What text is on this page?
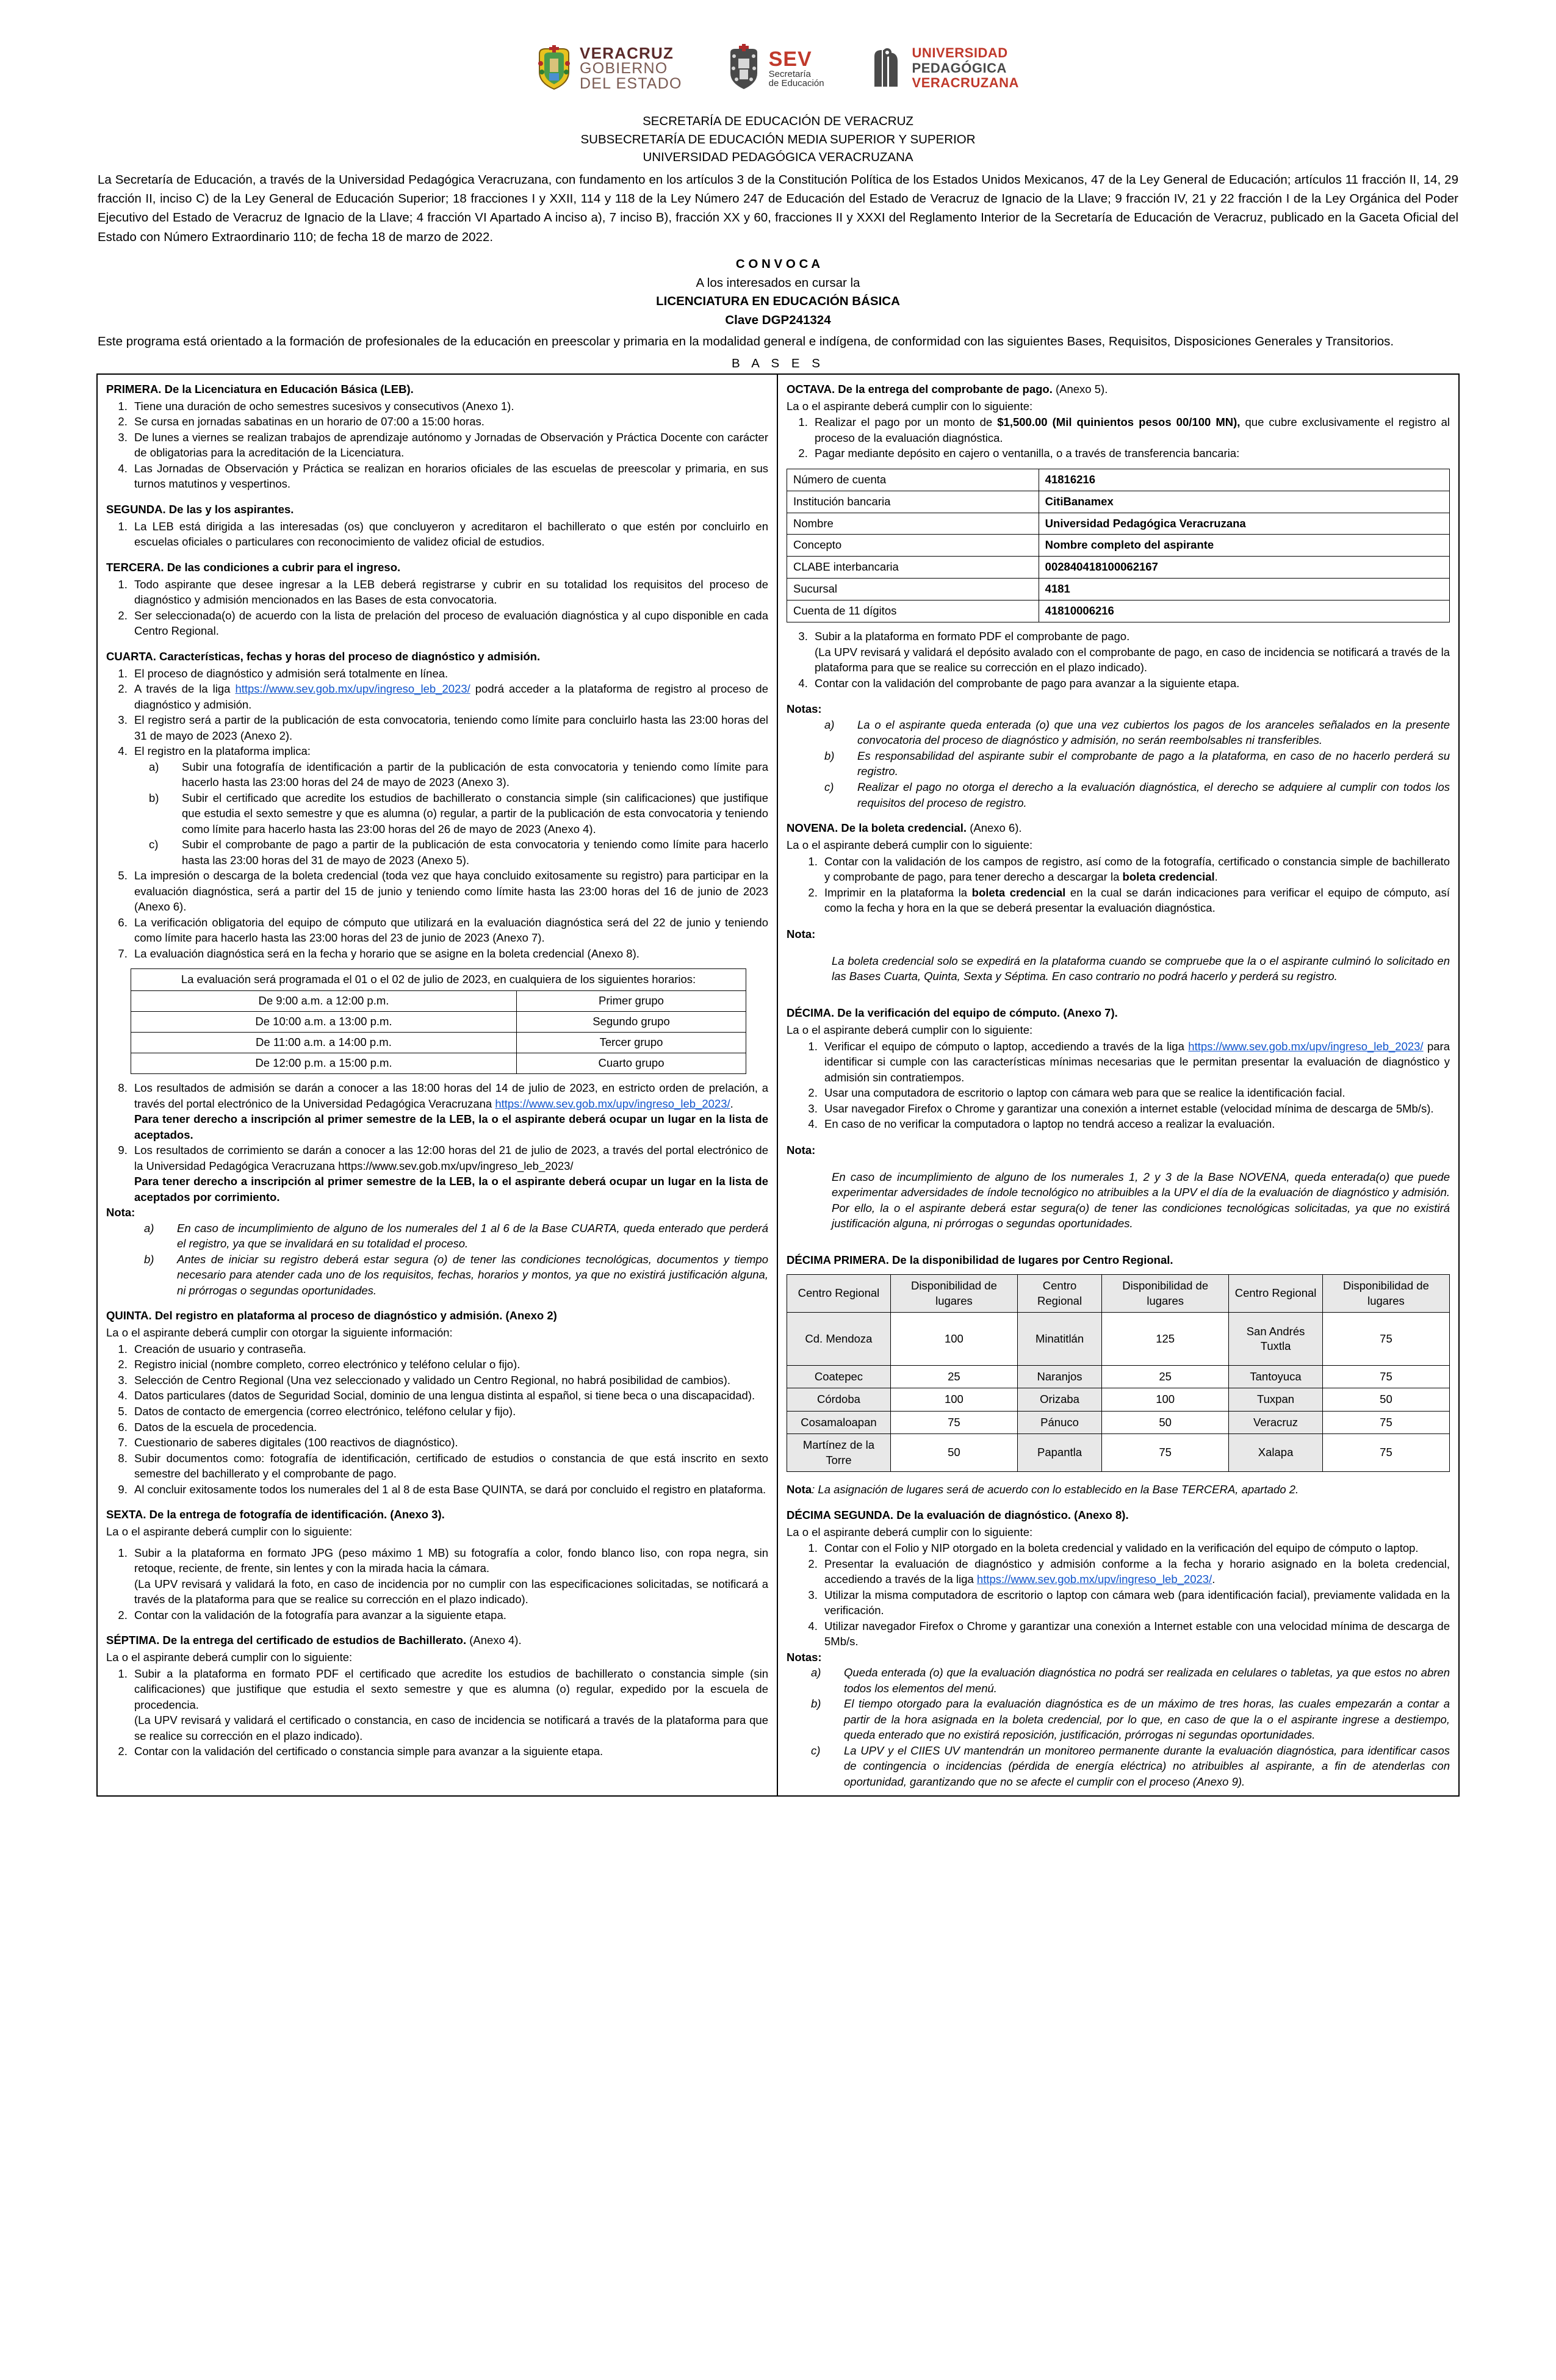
VERACRUZ
GOBIERNO
DEL ESTADO
SEV
Secretaría
de Educación
UNIVERSIDAD
PEDAGÓGICA
VERACRUZANA
SECRETARÍA DE EDUCACIÓN DE VERACRUZ
SUBSECRETARÍA DE EDUCACIÓN MEDIA SUPERIOR Y SUPERIOR
UNIVERSIDAD PEDAGÓGICA VERACRUZANA
La Secretaría de Educación, a través de la Universidad Pedagógica Veracruzana, con fundamento en los artículos 3 de la Constitución Política de los Estados Unidos Mexicanos, 47 de la Ley General de Educación; artículos 11 fracción II, 14, 29 fracción II, inciso C) de la Ley General de Educación Superior; 18 fracciones I y XXII, 114 y 118 de la Ley Número 247 de Educación del Estado de Veracruz de Ignacio de la Llave; 9 fracción IV, 21 y 22 fracción I de la Ley Orgánica del Poder Ejecutivo del Estado de Veracruz de Ignacio de la Llave; 4 fracción VI Apartado A inciso a), 7 inciso B), fracción XX y 60, fracciones II y XXXI del Reglamento Interior de la Secretaría de Educación de Veracruz, publicado en la Gaceta Oficial del Estado con Número Extraordinario 110; de fecha 18 de marzo de 2022.
C O N V O C A
A los interesados en cursar la
LICENCIATURA EN EDUCACIÓN BÁSICA
Clave DGP241324
Este programa está orientado a la formación de profesionales de la educación en preescolar y primaria en la modalidad general e indígena, de conformidad con las siguientes Bases, Requisitos, Disposiciones Generales y Transitorios.
B A S E S
PRIMERA. De la Licenciatura en Educación Básica (LEB).
1. Tiene una duración de ocho semestres sucesivos y consecutivos (Anexo 1).
2. Se cursa en jornadas sabatinas en un horario de 07:00 a 15:00 horas.
3. De lunes a viernes se realizan trabajos de aprendizaje autónomo y Jornadas de Observación y Práctica Docente con carácter de obligatorias para la acreditación de la Licenciatura.
4. Las Jornadas de Observación y Práctica se realizan en horarios oficiales de las escuelas de preescolar y primaria, en sus turnos matutinos y vespertinos.
SEGUNDA. De las y los aspirantes.
1. La LEB está dirigida a las interesadas (os) que concluyeron y acreditaron el bachillerato o que estén por concluirlo en escuelas oficiales o particulares con reconocimiento de validez oficial de estudios.
TERCERA. De las condiciones a cubrir para el ingreso.
1. Todo aspirante que desee ingresar a la LEB deberá registrarse y cubrir en su totalidad los requisitos del proceso de diagnóstico y admisión mencionados en las Bases de esta convocatoria.
2. Ser seleccionada(o) de acuerdo con la lista de prelación del proceso de evaluación diagnóstica y al cupo disponible en cada Centro Regional.
CUARTA. Características, fechas y horas del proceso de diagnóstico y admisión.
1. El proceso de diagnóstico y admisión será totalmente en línea.
2. A través de la liga https://www.sev.gob.mx/upv/ingreso_leb_2023/ podrá acceder a la plataforma de registro al proceso de diagnóstico y admisión.
3. El registro será a partir de la publicación de esta convocatoria, teniendo como límite para concluirlo hasta las 23:00 horas del 31 de mayo de 2023 (Anexo 2).
4. El registro en la plataforma implica:
a) Subir una fotografía de identificación a partir de la publicación de esta convocatoria y teniendo como límite para hacerlo hasta las 23:00 horas del 24 de mayo de 2023 (Anexo 3).
b) Subir el certificado que acredite los estudios de bachillerato o constancia simple (sin calificaciones) que justifique que estudia el sexto semestre y que es alumna (o) regular, a partir de la publicación de esta convocatoria y teniendo como límite para hacerlo hasta las 23:00 horas del 26 de mayo de 2023 (Anexo 4).
c) Subir el comprobante de pago a partir de la publicación de esta convocatoria y teniendo como límite para hacerlo hasta las 23:00 horas del 31 de mayo de 2023 (Anexo 5).
5. La impresión o descarga de la boleta credencial (toda vez que haya concluido exitosamente su registro) para participar en la evaluación diagnóstica, será a partir del 15 de junio y teniendo como límite hasta las 23:00 horas del 16 de junio de 2023 (Anexo 6).
6. La verificación obligatoria del equipo de cómputo que utilizará en la evaluación diagnóstica será del 22 de junio y teniendo como límite para hacerlo hasta las 23:00 horas del 23 de junio de 2023 (Anexo 7).
7. La evaluación diagnóstica será en la fecha y horario que se asigne en la boleta credencial (Anexo 8).
La evaluación será programada el 01 o el 02 de julio de 2023, en cualquiera de los siguientes horarios:	
De 9:00 a.m. a 12:00 p.m.	Primer grupo
De 10:00 a.m. a 13:00 p.m.	Segundo grupo
De 11:00 a.m. a 14:00 p.m.	Tercer grupo
De 12:00 p.m. a 15:00 p.m.	Cuarto grupo
8. Los resultados de admisión se darán a conocer a las 18:00 horas del 14 de julio de 2023, en estricto orden de prelación, a través del portal electrónico de la Universidad Pedagógica Veracruzana https://www.sev.gob.mx/upv/ingreso_leb_2023/.
Para tener derecho a inscripción al primer semestre de la LEB, la o el aspirante deberá ocupar un lugar en la lista de aceptados.
9. Los resultados de corrimiento se darán a conocer a las 12:00 horas del 21 de julio de 2023, a través del portal electrónico de la Universidad Pedagógica Veracruzana https://www.sev.gob.mx/upv/ingreso_leb_2023/
Para tener derecho a inscripción al primer semestre de la LEB, la o el aspirante deberá ocupar un lugar en la lista de aceptados por corrimiento.

Nota:

a) En caso de incumplimiento de alguno de los numerales del 1 al 6 de la Base CUARTA, queda enterado que perderá el registro, ya que se invalidará en su totalidad el proceso.
b) Antes de iniciar su registro deberá estar segura (o) de tener las condiciones tecnológicas, documentos y tiempo necesario para atender cada uno de los requisitos, fechas, horarios y montos, ya que no existirá justificación alguna, ni prórrogas o segundas oportunidades.
QUINTA. Del registro en plataforma al proceso de diagnóstico y admisión. (Anexo 2)

La o el aspirante deberá cumplir con otorgar la siguiente información:

1. Creación de usuario y contraseña.
2. Registro inicial (nombre completo, correo electrónico y teléfono celular o fijo).
3. Selección de Centro Regional (Una vez seleccionado y validado un Centro Regional, no habrá posibilidad de cambios).
4. Datos particulares (datos de Seguridad Social, dominio de una lengua distinta al español, si tiene beca o una discapacidad).
5. Datos de contacto de emergencia (correo electrónico, teléfono celular y fijo).
6. Datos de la escuela de procedencia.
7. Cuestionario de saberes digitales (100 reactivos de diagnóstico).
8. Subir documentos como: fotografía de identificación, certificado de estudios o constancia de que está inscrito en sexto semestre del bachillerato y el comprobante de pago.
9. Al concluir exitosamente todos los numerales del 1 al 8 de esta Base QUINTA, se dará por concluido el registro en plataforma.
SEXTA. De la entrega de fotografía de identificación. (Anexo 3).

La o el aspirante deberá cumplir con lo siguiente:

1. Subir a la plataforma en formato JPG (peso máximo 1 MB) su fotografía a color, fondo blanco liso, con ropa negra, sin retoque, reciente, de frente, sin lentes y con la mirada hacia la cámara.
(La UPV revisará y validará la foto, en caso de incidencia por no cumplir con las especificaciones solicitadas, se notificará a través de la plataforma para que se realice su corrección en el plazo indicado).
2. Contar con la validación de la fotografía para avanzar a la siguiente etapa.
SÉPTIMA. De la entrega del certificado de estudios de Bachillerato. (Anexo 4).

La o el aspirante deberá cumplir con lo siguiente:

1. Subir a la plataforma en formato PDF el certificado que acredite los estudios de bachillerato o constancia simple (sin calificaciones) que justifique que estudia el sexto semestre y que es alumna (o) regular, expedido por la escuela de procedencia.
(La UPV revisará y validará el certificado o constancia, en caso de incidencia se notificará a través de la plataforma para que se realice su corrección en el plazo indicado).
2. Contar con la validación del certificado o constancia simple para avanzar a la siguiente etapa.
OCTAVA. De la entrega del comprobante de pago. (Anexo 5).

La o el aspirante deberá cumplir con lo siguiente:

1. Realizar el pago por un monto de $1,500.00 (Mil quinientos pesos 00/100 MN), que cubre exclusivamente el registro al proceso de la evaluación diagnóstica.
2. Pagar mediante depósito en cajero o ventanilla, o a través de transferencia bancaria:
Número de cuenta	41816216
Institución bancaria	CitiBanamex
Nombre	Universidad Pedagógica Veracruzana
Concepto	Nombre completo del aspirante
CLABE interbancaria	002840418100062167
Sucursal	4181
Cuenta de 11 dígitos	41810006216
3. Subir a la plataforma en formato PDF el comprobante de pago.
(La UPV revisará y validará el depósito avalado con el comprobante de pago, en caso de incidencia se notificará a través de la plataforma para que se realice su corrección en el plazo indicado).
4. Contar con la validación del comprobante de pago para avanzar a la siguiente etapa.

Notas:

a) La o el aspirante queda enterada (o) que una vez cubiertos los pagos de los aranceles señalados en la presente convocatoria del proceso de diagnóstico y admisión, no serán reembolsables ni transferibles.
b) Es responsabilidad del aspirante subir el comprobante de pago a la plataforma, en caso de no hacerlo perderá su registro.
c) Realizar el pago no otorga el derecho a la evaluación diagnóstica, el derecho se adquiere al cumplir con todos los requisitos del proceso de registro.
NOVENA. De la boleta credencial. (Anexo 6).

La o el aspirante deberá cumplir con lo siguiente:

1. Contar con la validación de los campos de registro, así como de la fotografía, certificado o constancia simple de bachillerato y comprobante de pago, para tener derecho a descargar la boleta credencial.
2. Imprimir en la plataforma la boleta credencial en la cual se darán indicaciones para verificar el equipo de cómputo, así como la fecha y hora en la que se deberá presentar la evaluación diagnóstica.

Nota:

La boleta credencial solo se expedirá en la plataforma cuando se compruebe que la o el aspirante culminó lo solicitado en las Bases Cuarta, Quinta, Sexta y Séptima. En caso contrario no podrá hacerlo y perderá su registro.

DÉCIMA. De la verificación del equipo de cómputo. (Anexo 7).

La o el aspirante deberá cumplir con lo siguiente:

1. Verificar el equipo de cómputo o laptop, accediendo a través de la liga https://www.sev.gob.mx/upv/ingreso_leb_2023/ para identificar si cumple con las características mínimas necesarias que le permitan presentar la evaluación de diagnóstico y admisión sin contratiempos.
2. Usar una computadora de escritorio o laptop con cámara web para que se realice la identificación facial.
3. Usar navegador Firefox o Chrome y garantizar una conexión a internet estable (velocidad mínima de descarga de 5Mb/s).
4. En caso de no verificar la computadora o laptop no tendrá acceso a realizar la evaluación.

Nota:

En caso de incumplimiento de alguno de los numerales 1, 2 y 3 de la Base NOVENA, queda enterada(o) que puede experimentar adversidades de índole tecnológico no atribuibles a la UPV el día de la evaluación de diagnóstico y admisión. Por ello, la o el aspirante deberá estar segura(o) de tener las condiciones tecnológicas solicitadas, ya que no existirá justificación alguna, ni prórrogas o segundas oportunidades.

DÉCIMA PRIMERA. De la disponibilidad de lugares por Centro Regional.
Centro Regional	Disponibilidad de lugares	Centro Regional	Disponibilidad de lugares	Centro Regional	Disponibilidad de lugares
Cd. Mendoza	100	Minatitlán	125	San Andrés Tuxtla	75
Coatepec	25	Naranjos	25	Tantoyuca	75
Córdoba	100	Orizaba	100	Tuxpan	50
Cosamaloapan	75	Pánuco	50	Veracruz	75
Martínez de la Torre	50	Papantla	75	Xalapa	75

Nota: La asignación de lugares será de acuerdo con lo establecido en la Base TERCERA, apartado 2.

DÉCIMA SEGUNDA. De la evaluación de diagnóstico. (Anexo 8).

La o el aspirante deberá cumplir con lo siguiente:

1. Contar con el Folio y NIP otorgado en la boleta credencial y validado en la verificación del equipo de cómputo o laptop.
2. Presentar la evaluación de diagnóstico y admisión conforme a la fecha y horario asignado en la boleta credencial, accediendo a través de la liga https://www.sev.gob.mx/upv/ingreso_leb_2023/.
3. Utilizar la misma computadora de escritorio o laptop con cámara web (para identificación facial), previamente validada en la verificación.
4. Utilizar navegador Firefox o Chrome y garantizar una conexión a Internet estable con una velocidad mínima de descarga de 5Mb/s.

Notas:

a) Queda enterada (o) que la evaluación diagnóstica no podrá ser realizada en celulares o tabletas, ya que estos no abren todos los elementos del menú.
b) El tiempo otorgado para la evaluación diagnóstica es de un máximo de tres horas, las cuales empezarán a contar a partir de la hora asignada en la boleta credencial, por lo que, en caso de que la o el aspirante ingrese a destiempo, queda enterado que no existirá reposición, justificación, prórrogas ni segundas oportunidades.
c) La UPV y el CIIES UV mantendrán un monitoreo permanente durante la evaluación diagnóstica, para identificar casos de contingencia o incidencias (pérdida de energía eléctrica) no atribuibles al aspirante, a fin de atenderlas con oportunidad, garantizando que no se afecte el cumplir con el proceso (Anexo 9).
